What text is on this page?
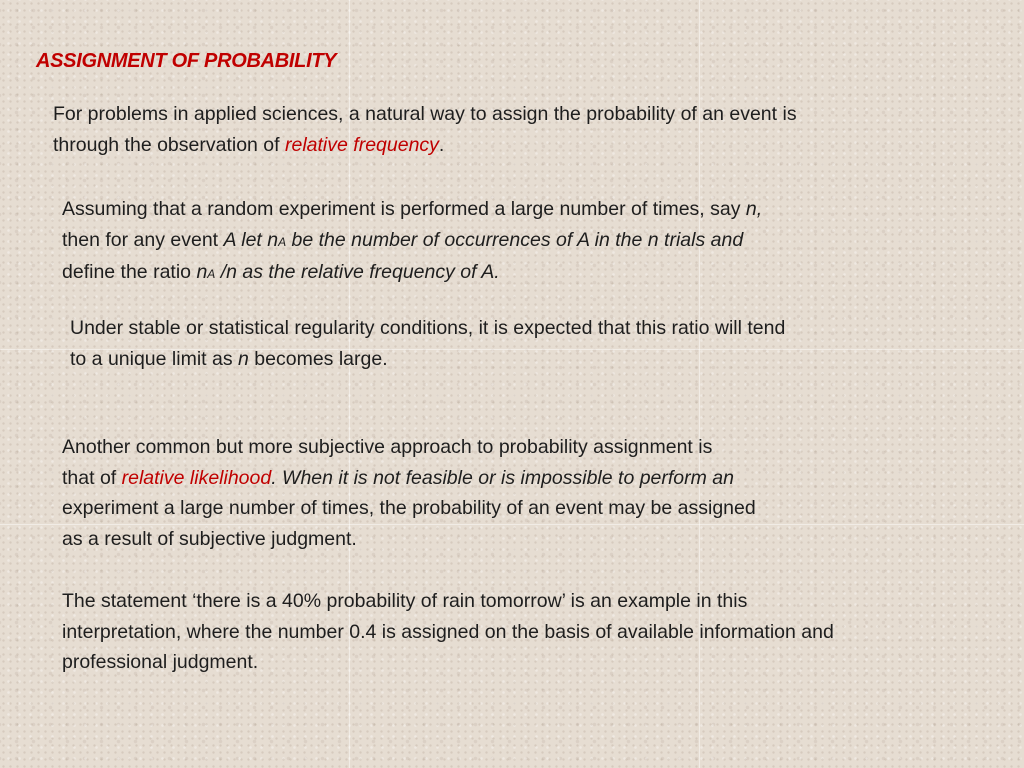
ASSIGNMENT OF PROBABILITY
For problems in applied sciences, a natural way to assign the probability of an event is
through the observation of relative frequency.
Assuming that a random experiment is performed a large number of times, say n,
then for any event A let nA be the number of occurrences of A in the n trials and
define the ratio nA /n as the relative frequency of A.
Under stable or statistical regularity conditions, it is expected that this ratio will tend
to a unique limit as n becomes large.
Another common but more subjective approach to probability assignment is
that of relative likelihood. When it is not feasible or is impossible to perform an
experiment a large number of times, the probability of an event may be assigned
as a result of subjective judgment.
The statement ‘there is a 40% probability of rain tomorrow’ is an example in this
interpretation, where the number 0.4 is assigned on the basis of available information and
professional judgment.
